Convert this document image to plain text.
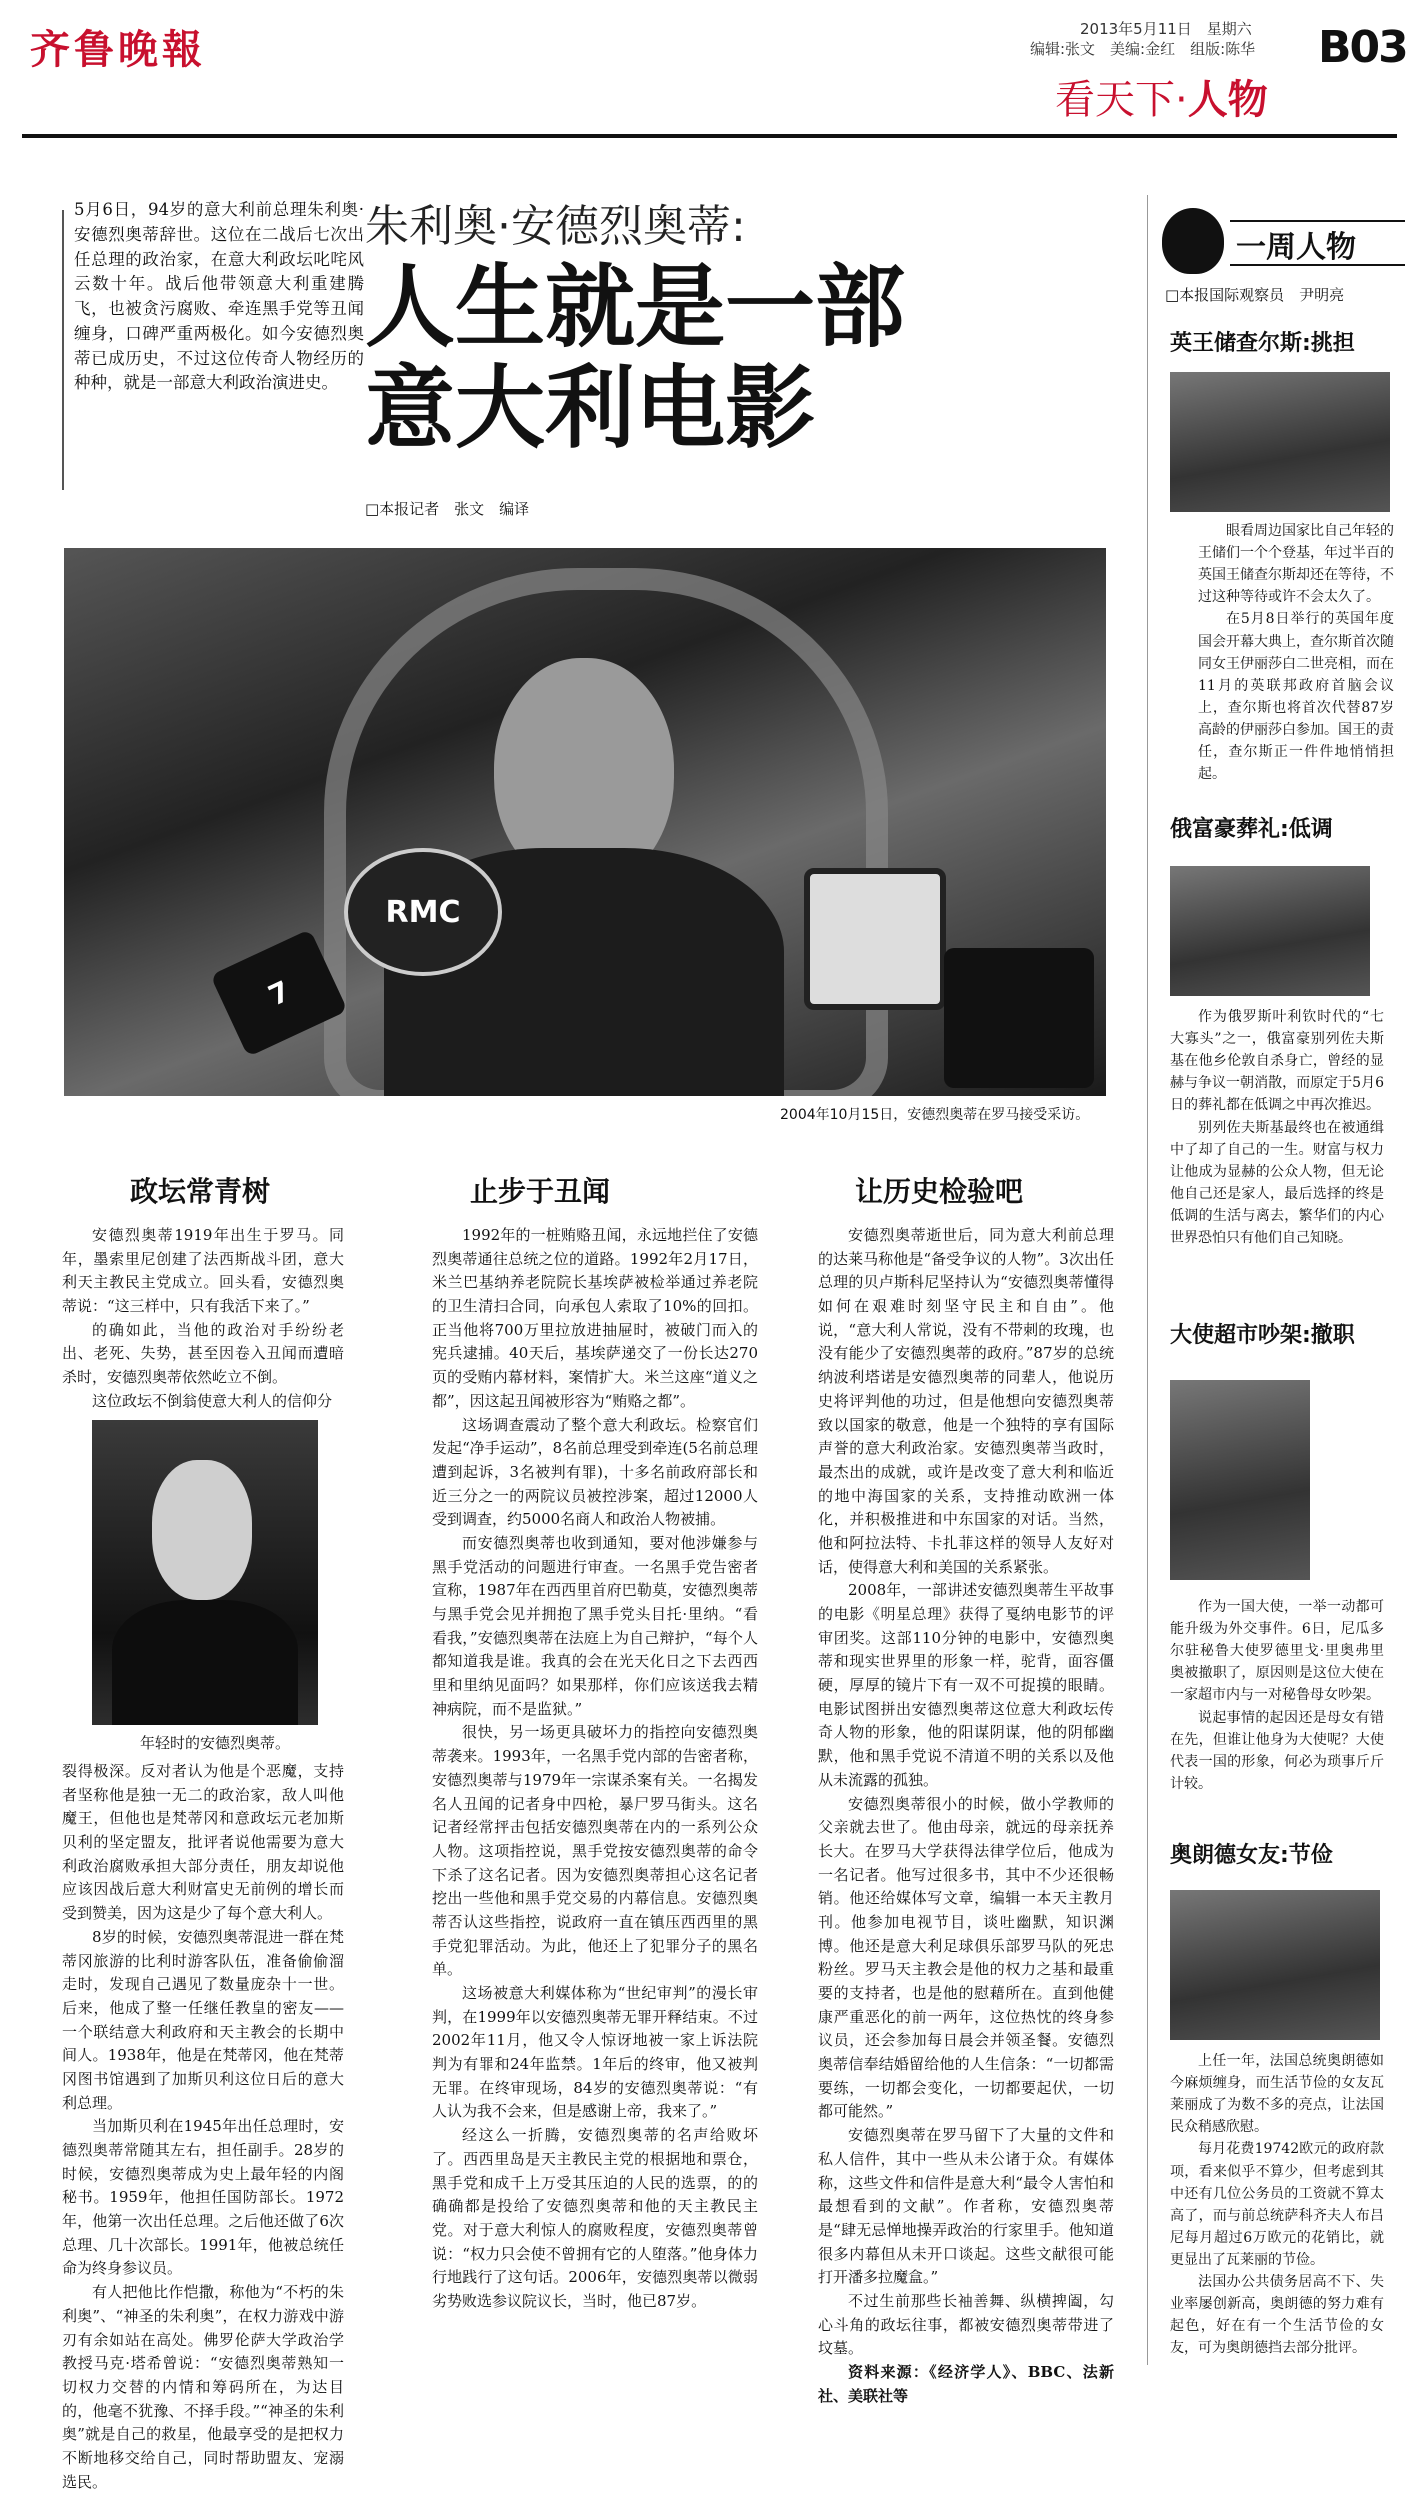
齐鲁晚報	2013年5月11日　星期六
编辑:张文　美编:金红　组版:陈华 B03
看天下·人物
5月6日，94岁的意大利前总理朱利奥·安德烈奥蒂辞世。这位在二战后七次出任总理的政治家，在意大利政坛叱咤风云数十年。战后他带领意大利重建腾飞，也被贪污腐败、牵连黑手党等丑闻缠身，口碑严重两极化。如今安德烈奥蒂已成历史，不过这位传奇人物经历的种种，就是一部意大利政治演进史。
朱利奥·安德烈奥蒂:
人生就是一部
意大利电影
□本报记者　张文　编译
7
RMC
2004年10月15日，安德烈奥蒂在罗马接受采访。
政坛常青树

安德烈奥蒂1919年出生于罗马。同年，墨索里尼创建了法西斯战斗团，意大利天主教民主党成立。回头看，安德烈奥蒂说：“这三样中，只有我活下来了。”

的确如此，当他的政治对手纷纷老出、老死、失势，甚至因卷入丑闻而遭暗杀时，安德烈奥蒂依然屹立不倒。

这位政坛不倒翁使意大利人的信仰分

年轻时的安德烈奥蒂。

裂得极深。反对者认为他是个恶魔，支持者坚称他是独一无二的政治家，敌人叫他魔王，但他也是梵蒂冈和意政坛元老加斯贝利的坚定盟友，批评者说他需要为意大利政治腐败承担大部分责任，朋友却说他应该因战后意大利财富史无前例的增长而受到赞美，因为这是少了每个意大利人。

8岁的时候，安德烈奥蒂混进一群在梵蒂冈旅游的比利时游客队伍，准备偷偷溜走时，发现自己遇见了数量庞杂十一世。后来，他成了整一任继任教皇的密友——一个联结意大利政府和天主教会的长期中间人。1938年，他是在梵蒂冈，他在梵蒂冈图书馆遇到了加斯贝利这位日后的意大利总理。

当加斯贝利在1945年出任总理时，安德烈奥蒂常随其左右，担任副手。28岁的时候，安德烈奥蒂成为史上最年轻的内阁秘书。1959年，他担任国防部长。1972年，他第一次出任总理。之后他还做了6次总理、几十次部长。1991年，他被总统任命为终身参议员。

有人把他比作恺撒，称他为“不朽的朱利奥”、“神圣的朱利奥”，在权力游戏中游刃有余如站在高处。佛罗伦萨大学政治学教授马克·塔希曾说：“安德烈奥蒂熟知一切权力交替的内情和筹码所在，为达目的，他毫不犹豫、不择手段。”“神圣的朱利奥”就是自己的救星，他最享受的是把权力不断地移交给自己，同时帮助盟友、宠溺选民。

止步于丑闻

1992年的一桩贿赂丑闻，永远地拦住了安德烈奥蒂通往总统之位的道路。1992年2月17日，米兰巴基纳养老院院长基埃萨被检举通过养老院的卫生清扫合同，向承包人索取了10%的回扣。正当他将700万里拉放进抽屉时，被破门而入的宪兵逮捕。40天后，基埃萨递交了一份长达270页的受贿内幕材料，案情扩大。米兰这座“道义之都”，因这起丑闻被形容为“贿赂之都”。

这场调查震动了整个意大利政坛。检察官们发起“净手运动”，8名前总理受到牵连(5名前总理遭到起诉，3名被判有罪)，十多名前政府部长和近三分之一的两院议员被控涉案，超过12000人受到调查，约5000名商人和政治人物被捕。

而安德烈奥蒂也收到通知，要对他涉嫌参与黑手党活动的问题进行审查。一名黑手党告密者宣称，1987年在西西里首府巴勒莫，安德烈奥蒂与黑手党会见并拥抱了黑手党头目托·里纳。“看看我，”安德烈奥蒂在法庭上为自己辩护，“每个人都知道我是谁。我真的会在光天化日之下去西西里和里纳见面吗？如果那样，你们应该送我去精神病院，而不是监狱。”

很快，另一场更具破坏力的指控向安德烈奥蒂袭来。1993年，一名黑手党内部的告密者称，安德烈奥蒂与1979年一宗谋杀案有关。一名揭发名人丑闻的记者身中四枪，暴尸罗马街头。这名记者经常抨击包括安德烈奥蒂在内的一系列公众人物。这项指控说，黑手党按安德烈奥蒂的命令下杀了这名记者。因为安德烈奥蒂担心这名记者挖出一些他和黑手党交易的内幕信息。安德烈奥蒂否认这些指控，说政府一直在镇压西西里的黑手党犯罪活动。为此，他还上了犯罪分子的黑名单。

这场被意大利媒体称为“世纪审判”的漫长审判，在1999年以安德烈奥蒂无罪开释结束。不过2002年11月，他又令人惊讶地被一家上诉法院判为有罪和24年监禁。1年后的终审，他又被判无罪。在终审现场，84岁的安德烈奥蒂说：“有人认为我不会来，但是感谢上帝，我来了。”

经这么一折腾，安德烈奥蒂的名声给败坏了。西西里岛是天主教民主党的根据地和票仓，黑手党和成千上万受其压迫的人民的选票，的的确确都是投给了安德烈奥蒂和他的天主教民主党。对于意大利惊人的腐败程度，安德烈奥蒂曾说：“权力只会使不曾拥有它的人堕落。”他身体力行地践行了这句话。2006年，安德烈奥蒂以微弱劣势败选参议院议长，当时，他已87岁。

让历史检验吧

安德烈奥蒂逝世后，同为意大利前总理的达莱马称他是“备受争议的人物”。3次出任总理的贝卢斯科尼坚持认为“安德烈奥蒂懂得如何在艰难时刻坚守民主和自由”。他说，“意大利人常说，没有不带刺的玫瑰，也没有能少了安德烈奥蒂的政府。”87岁的总统纳波利塔诺是安德烈奥蒂的同辈人，他说历史将评判他的功过，但是他想向安德烈奥蒂致以国家的敬意，他是一个独特的享有国际声誉的意大利政治家。安德烈奥蒂当政时，最杰出的成就，或许是改变了意大利和临近的地中海国家的关系，支持推动欧洲一体化，并积极推进和中东国家的对话。当然，他和阿拉法特、卡扎菲这样的领导人友好对话，使得意大利和美国的关系紧张。

2008年，一部讲述安德烈奥蒂生平故事的电影《明星总理》获得了戛纳电影节的评审团奖。这部110分钟的电影中，安德烈奥蒂和现实世界里的形象一样，驼背，面容僵硬，厚厚的镜片下有一双不可捉摸的眼睛。电影试图拼出安德烈奥蒂这位意大利政坛传奇人物的形象，他的阳谋阴谋，他的阴郁幽默，他和黑手党说不清道不明的关系以及他从未流露的孤独。

安德烈奥蒂很小的时候，做小学教师的父亲就去世了。他由母亲，就远的母亲抚养长大。在罗马大学获得法律学位后，他成为一名记者。他写过很多书，其中不少还很畅销。他还给媒体写文章，编辑一本天主教月刊。他参加电视节目，谈吐幽默，知识渊博。他还是意大利足球俱乐部罗马队的死忠粉丝。罗马天主教会是他的权力之基和最重要的支持者，也是他的慰藉所在。直到他健康严重恶化的前一两年，这位热忱的终身参议员，还会参加每日晨会并领圣餐。安德烈奥蒂信奉结婚留给他的人生信条：“一切都需要练，一切都会变化，一切都要起伏，一切都可能然。”

安德烈奥蒂在罗马留下了大量的文件和私人信件，其中一些从未公诸于众。有媒体称，这些文件和信件是意大利“最令人害怕和最想看到的文献”。作者称，安德烈奥蒂是“肆无忌惮地操弄政治的行家里手。他知道很多内幕但从未开口谈起。这些文献很可能打开潘多拉魔盒。”

不过生前那些长袖善舞、纵横捭阖，勾心斗角的政坛往事，都被安德烈奥蒂带进了坟墓。

资料来源：《经济学人》、BBC、法新社、美联社等

一周人物
□本报国际观察员　尹明亮
英王储查尔斯:挑担

眼看周边国家比自己年轻的王储们一个个登基，年过半百的英国王储查尔斯却还在等待，不过这种等待或许不会太久了。

在5月8日举行的英国年度国会开幕大典上，查尔斯首次随同女王伊丽莎白二世亮相，而在11月的英联邦政府首脑会议上，查尔斯也将首次代替87岁高龄的伊丽莎白参加。国王的责任，查尔斯正一件件地悄悄担起。

俄富豪葬礼:低调

作为俄罗斯叶利钦时代的“七大寡头”之一，俄富豪别列佐夫斯基在他乡伦敦自杀身亡，曾经的显赫与争议一朝消散，而原定于5月6日的葬礼都在低调之中再次推迟。

别列佐夫斯基最终也在被通缉中了却了自己的一生。财富与权力让他成为显赫的公众人物，但无论他自己还是家人，最后选择的终是低调的生活与离去，繁华们的内心世界恐怕只有他们自己知晓。

大使超市吵架:撤职

作为一国大使，一举一动都可能升级为外交事件。6日，尼瓜多尔驻秘鲁大使罗德里戈·里奥弗里奥被撤职了，原因则是这位大使在一家超市内与一对秘鲁母女吵架。

说起事情的起因还是母女有错在先，但谁让他身为大使呢？大使代表一国的形象，何必为琐事斤斤计较。

奥朗德女友:节俭

上任一年，法国总统奥朗德如今麻烦缠身，而生活节俭的女友瓦莱丽成了为数不多的亮点，让法国民众稍感欣慰。

每月花费19742欧元的政府款项，看来似乎不算少，但考虑到其中还有几位公务员的工资就不算太高了，而与前总统萨科齐夫人布吕尼每月超过6万欧元的花销比，就更显出了瓦莱丽的节俭。

法国办公共债务居高不下、失业率屡创新高，奥朗德的努力难有起色，好在有一个生活节俭的女友，可为奥朗德挡去部分批评。
